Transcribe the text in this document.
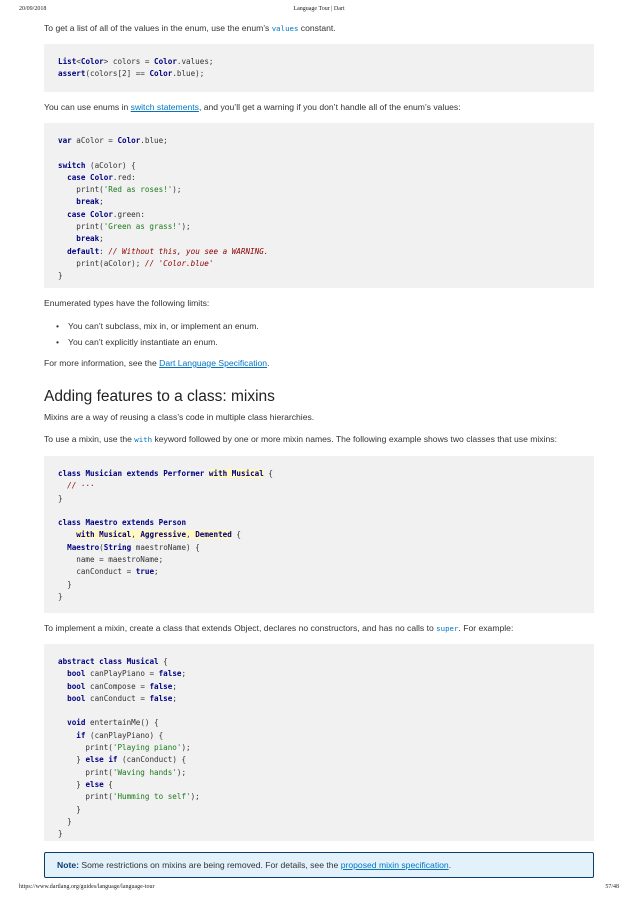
20/09/2018	Language Tour | Dart

To get a list of all of the values in the enum, use the enum’s values constant.

List<Color> colors = Color.values;
assert(colors[2] == Color.blue);

You can use enums in switch statements, and you’ll get a warning if you don’t handle all of the enum’s values:

var aColor = Color.blue;

switch (aColor) {
case Color.red:
print('Red as roses!');
break;
case Color.green:
print('Green as grass!');
break;
default: // Without this, you see a WARNING.
print(aColor); // 'Color.blue'
}

Enumerated types have the following limits:

• You can’t subclass, mix in, or implement an enum.
• You can’t explicitly instantiate an enum.

For more information, see the Dart Language Specification.

Adding features to a class: mixins

Mixins are a way of reusing a class’s code in multiple class hierarchies.

To use a mixin, use the with keyword followed by one or more mixin names. The following example shows two classes that use mixins:

class Musician extends Performer with Musical {
// ···
}

class Maestro extends Person
with Musical, Aggressive, Demented {
Maestro(String maestroName) {
name = maestroName;
canConduct = true;
}
}

To implement a mixin, create a class that extends Object, declares no constructors, and has no calls to super. For example:

abstract class Musical {
bool canPlayPiano = false;
bool canCompose = false;
bool canConduct = false;

void entertainMe() {
if (canPlayPiano) {
print('Playing piano');
} else if (canConduct) {
print('Waving hands');
} else {
print('Humming to self');
}
}
}

Note: Some restrictions on mixins are being removed. For details, see the proposed mixin specification.

https://www.dartlang.org/guides/language/language-tour	57/48
